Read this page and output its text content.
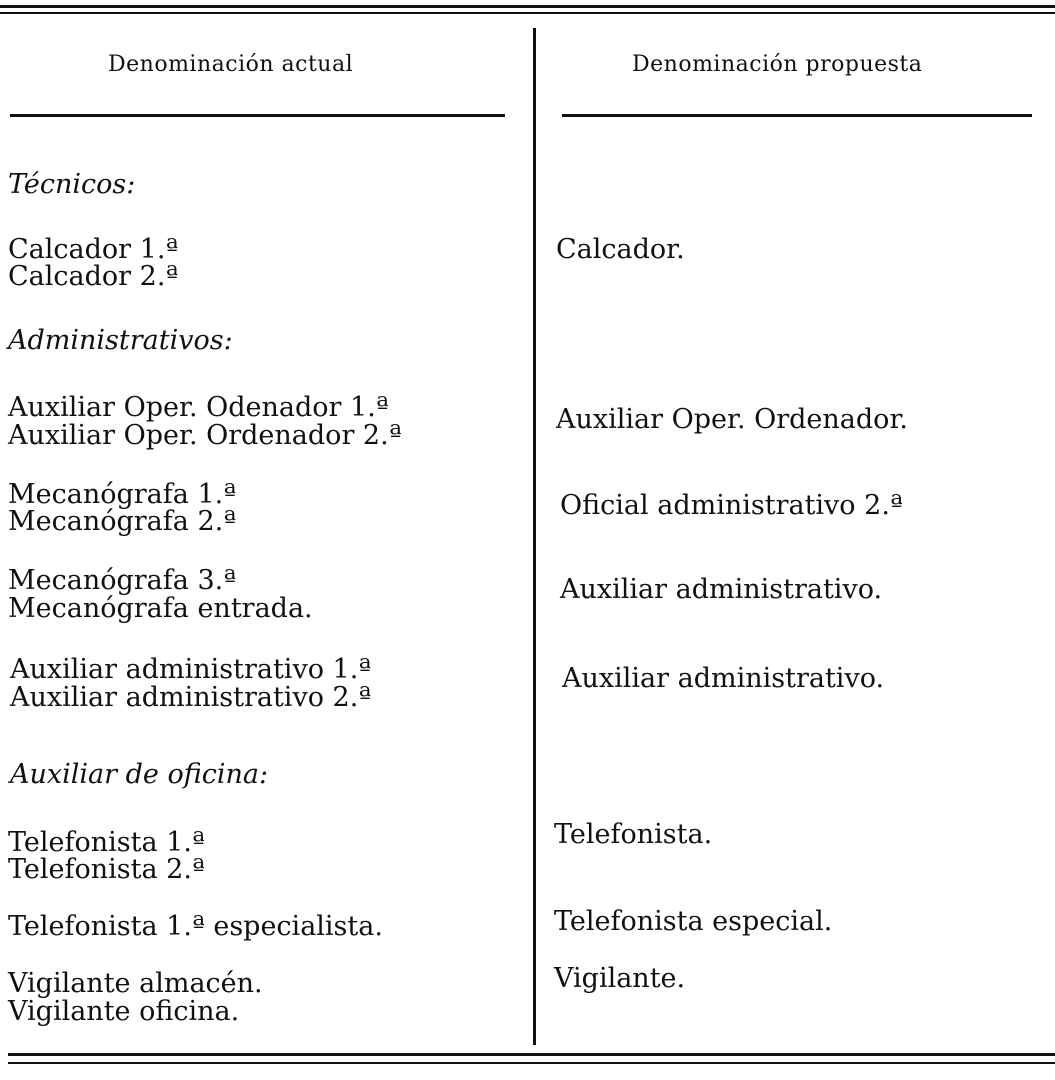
Denominación actual	Denominación propuesta
Técnicos:
Calcador 1.ª
Calcador 2.ª
Administrativos:
Auxiliar Oper. Odenador 1.ª
Auxiliar Oper. Ordenador 2.ª
Mecanógrafa 1.ª
Mecanógrafa 2.ª
Mecanógrafa 3.ª
Mecanógrafa entrada.
Auxiliar administrativo 1.ª
Auxiliar administrativo 2.ª
Auxiliar de oficina:
Telefonista 1.ª
Telefonista 2.ª
Telefonista 1.ª especialista.
Vigilante almacén.
Vigilante oficina.
Calcador.
Auxiliar Oper. Ordenador.
Oficial administrativo 2.ª
Auxiliar administrativo.
Auxiliar administrativo.
Telefonista.
Telefonista especial.
Vigilante.
